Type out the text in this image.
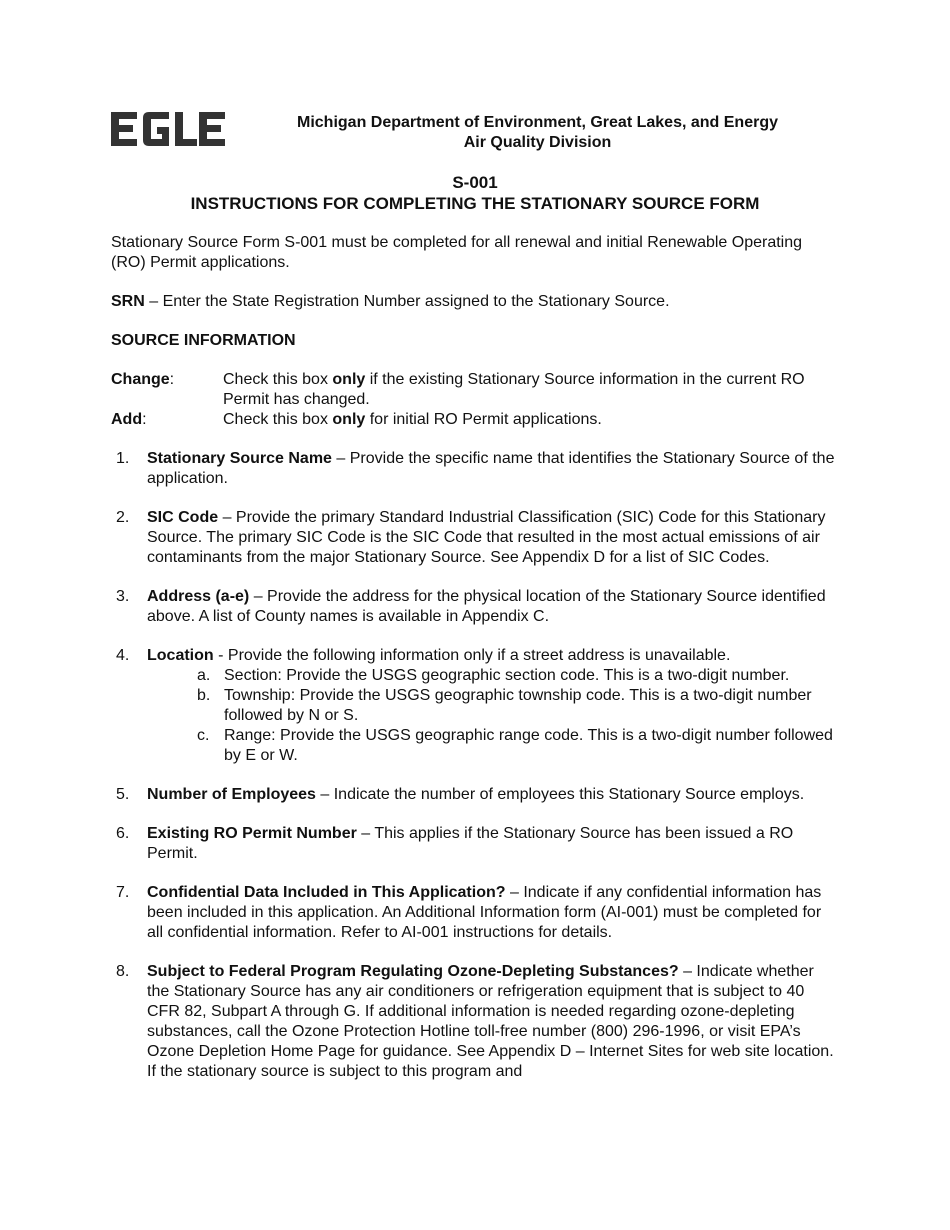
Michigan Department of Environment, Great Lakes, and Energy
Air Quality Division
S-001
INSTRUCTIONS FOR COMPLETING THE STATIONARY SOURCE FORM

Stationary Source Form S-001 must be completed for all renewal and initial Renewable Operating (RO) Permit applications.

SRN – Enter the State Registration Number assigned to the Stationary Source.

SOURCE INFORMATION
Change:	Check this box only if the existing Stationary Source information in the current RO Permit has changed.
Add:	Check this box only for initial RO Permit applications.
1.	Stationary Source Name – Provide the specific name that identifies the Stationary Source of the application.
2.	SIC Code – Provide the primary Standard Industrial Classification (SIC) Code for this Stationary Source. The primary SIC Code is the SIC Code that resulted in the most actual emissions of air contaminants from the major Stationary Source. See Appendix D for a list of SIC Codes.
3.	Address (a-e) – Provide the address for the physical location of the Stationary Source identified above. A list of County names is available in Appendix C.
4.	Location - Provide the following information only if a street address is unavailable.
a. Section: Provide the USGS geographic section code. This is a two-digit number.
b. Township: Provide the USGS geographic township code. This is a two-digit number followed by N or S.
c. Range: Provide the USGS geographic range code. This is a two-digit number followed by E or W.
5.	Number of Employees – Indicate the number of employees this Stationary Source employs.
6.	Existing RO Permit Number – This applies if the Stationary Source has been issued a RO Permit.
7.	Confidential Data Included in This Application? – Indicate if any confidential information has been included in this application. An Additional Information form (AI-001) must be completed for all confidential information. Refer to AI-001 instructions for details.
8.	Subject to Federal Program Regulating Ozone-Depleting Substances? – Indicate whether the Stationary Source has any air conditioners or refrigeration equipment that is subject to 40 CFR 82, Subpart A through G. If additional information is needed regarding ozone-depleting substances, call the Ozone Protection Hotline toll-free number (800) 296-1996, or visit EPA’s Ozone Depletion Home Page for guidance. See Appendix D – Internet Sites for web site location. If the stationary source is subject to this program and
